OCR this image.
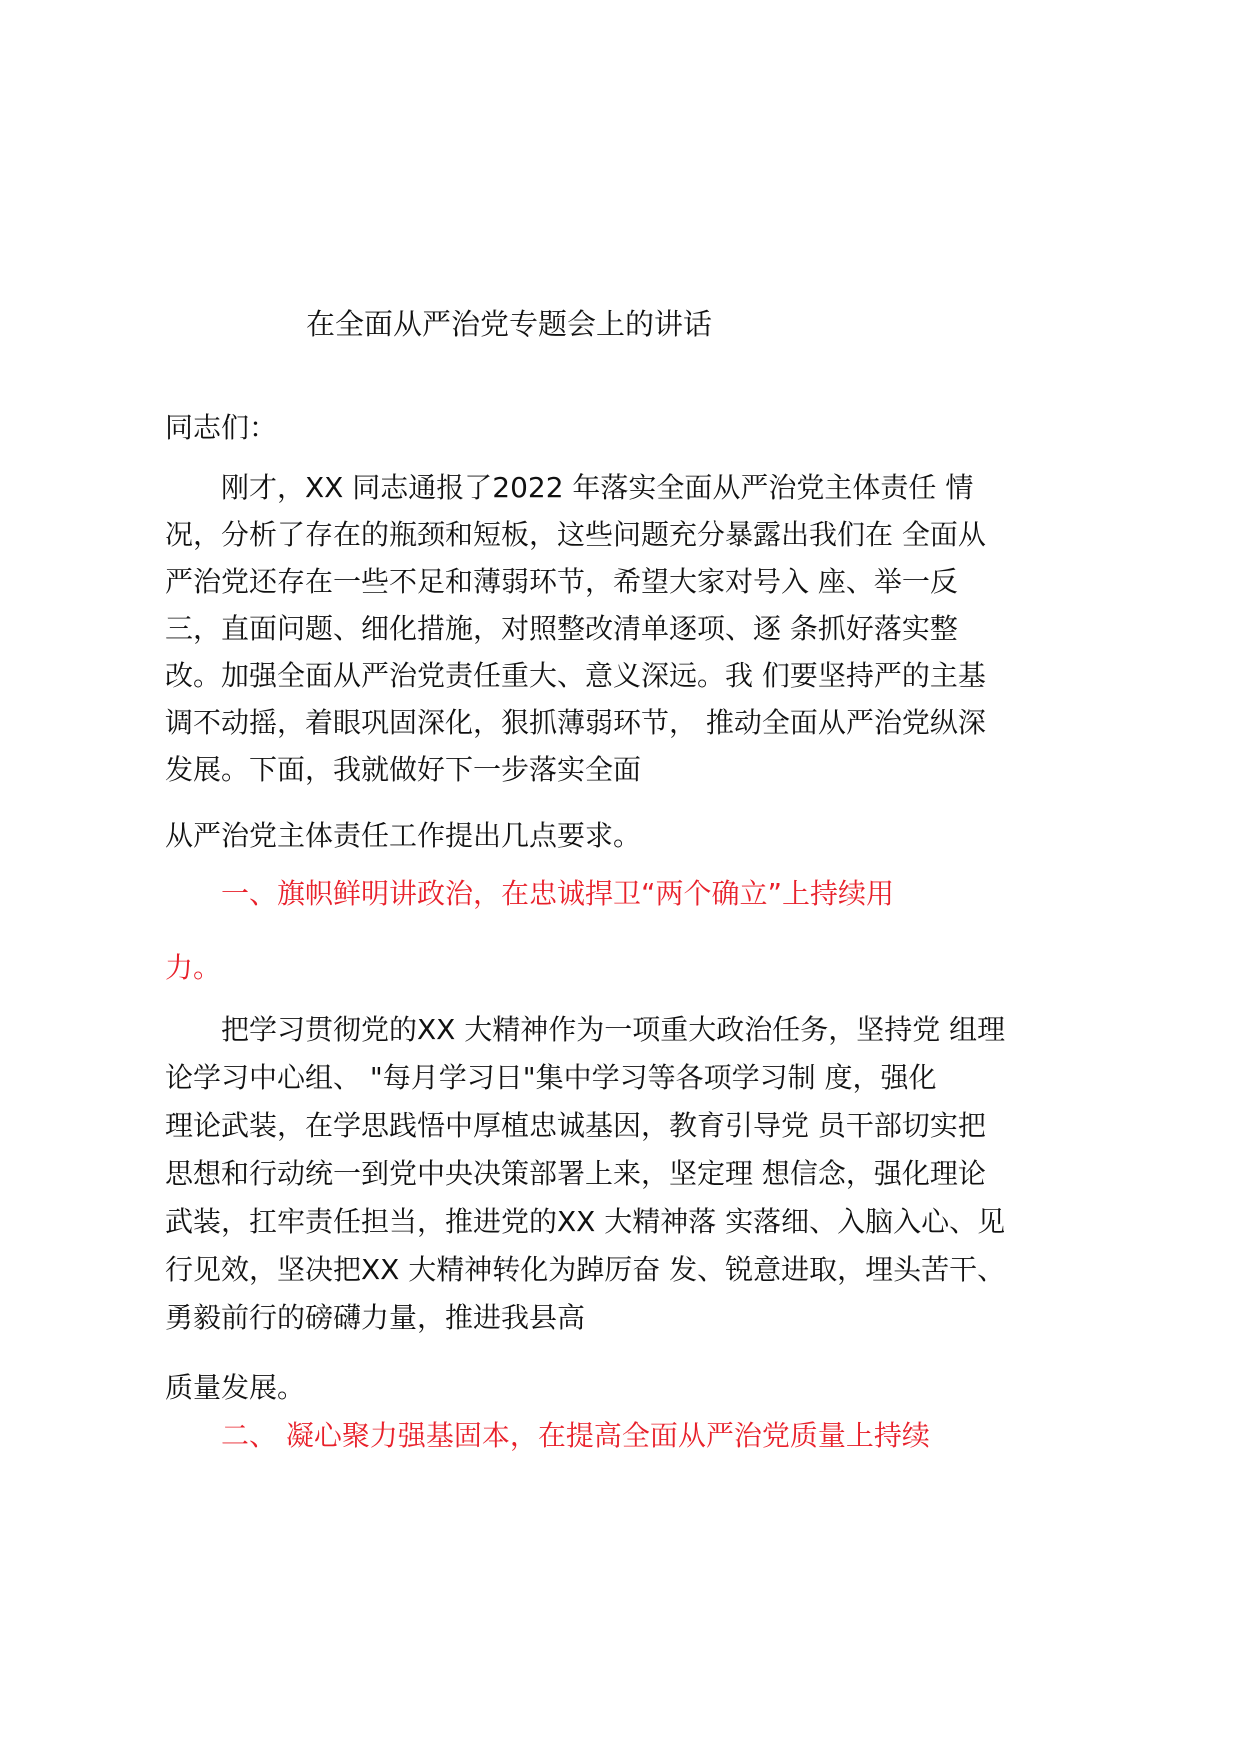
在全面从严治党专题会上的讲话
同志们：
　　刚才，XX 同志通报了2022 年落实全面从严治党主体责任 情
况，分析了存在的瓶颈和短板，这些问题充分暴露出我们在 全面从
严治党还存在一些不足和薄弱环节，希望大家对号入 座、举一反
三，直面问题、细化措施，对照整改清单逐项、逐 条抓好落实整
改。加强全面从严治党责任重大、意义深远。我 们要坚持严的主基
调不动摇，着眼巩固深化，狠抓薄弱环节， 推动全面从严治党纵深
发展。下面，我就做好下一步落实全面
从严治党主体责任工作提出几点要求。
　　一、旗帜鲜明讲政治，在忠诚捍卫“两个确立”上持续用
力。
　　把学习贯彻党的XX 大精神作为一项重大政治任务，坚持党 组理
论学习中心组、 "每月学习日"集中学习等各项学习制 度，强化
理论武装，在学思践悟中厚植忠诚基因，教育引导党 员干部切实把
思想和行动统一到党中央决策部署上来，坚定理 想信念，强化理论
武装，扛牢责任担当，推进党的XX 大精神落 实落细、入脑入心、见
行见效，坚决把XX 大精神转化为踔厉奋 发、锐意进取，埋头苦干、
勇毅前行的磅礴力量，推进我县高
质量发展。
　　二、 凝心聚力强基固本，在提高全面从严治党质量上持续
